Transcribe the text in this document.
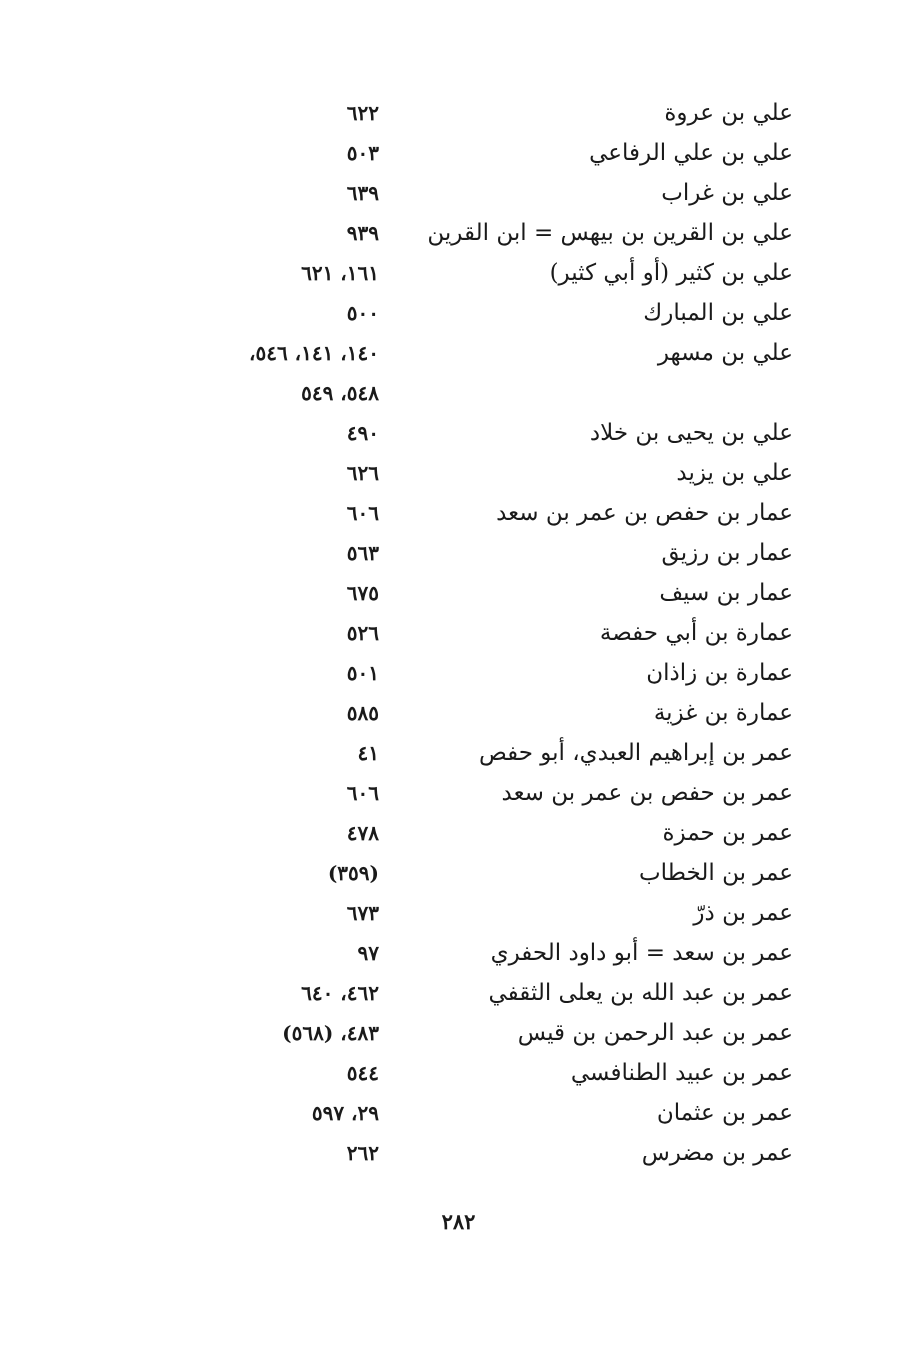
علي بن عروة
٦٢٢
علي بن علي الرفاعي
٥٠٣
علي بن غراب
٦٣٩
علي بن القرين بن بيهس = ابن القرين
٩٣٩
علي بن كثير (أو أبي كثير)
١٦١، ٦٢١
علي بن المبارك
٥٠٠
علي بن مسهر
١٤٠، ١٤١، ٥٤٦،
٥٤٨، ٥٤٩
علي بن يحيى بن خلاد
٤٩٠
علي بن يزيد
٦٢٦
عمار بن حفص بن عمر بن سعد
٦٠٦
عمار بن رزيق
٥٦٣
عمار بن سيف
٦٧٥
عمارة بن أبي حفصة
٥٢٦
عمارة بن زاذان
٥٠١
عمارة بن غزية
٥٨٥
عمر بن إبراهيم العبدي، أبو حفص
٤١
عمر بن حفص بن عمر بن سعد
٦٠٦
عمر بن حمزة
٤٧٨
عمر بن الخطاب
(٣٥٩)
عمر بن ذرّ
٦٧٣
عمر بن سعد = أبو داود الحفري
٩٧
عمر بن عبد الله بن يعلى الثقفي
٤٦٢، ٦٤٠
عمر بن عبد الرحمن بن قيس
٤٨٣، (٥٦٨)
عمر بن عبيد الطنافسي
٥٤٤
عمر بن عثمان
٢٩، ٥٩٧
عمر بن مضرس
٢٦٢
٢٨٢
